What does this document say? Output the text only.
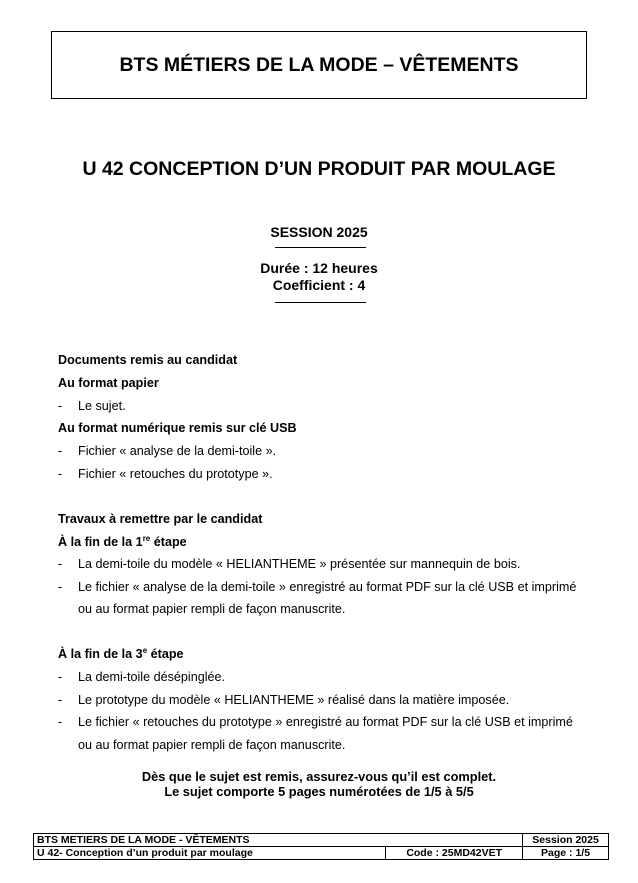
BTS MÉTIERS DE LA MODE – VÊTEMENTS
U 42 CONCEPTION D’UN PRODUIT PAR MOULAGE
SESSION 2025
Durée : 12 heures
Coefficient : 4
Documents remis au candidat
Au format papier
- Le sujet.
Au format numérique remis sur clé USB
- Fichier « analyse de la demi-toile ».
- Fichier « retouches du prototype ».
Travaux à remettre par le candidat
À la fin de la 1re étape
- La demi-toile du modèle « HELIANTHEME » présentée sur mannequin de bois.
- Le fichier « analyse de la demi-toile » enregistré au format PDF sur la clé USB et imprimé
ou au format papier rempli de façon manuscrite.
À la fin de la 3e étape
- La demi-toile désépinglée.
- Le prototype du modèle « HELIANTHEME » réalisé dans la matière imposée.
- Le fichier « retouches du prototype » enregistré au format PDF sur la clé USB et imprimé
ou au format papier rempli de façon manuscrite.
Dès que le sujet est remis, assurez-vous qu’il est complet.
Le sujet comporte 5 pages numérotées de 1/5 à 5/5
BTS METIERS DE LA MODE - VÊTEMENTS		Session 2025
U 42- Conception d’un produit par moulage	Code : 25MD42VET	Page : 1/5
